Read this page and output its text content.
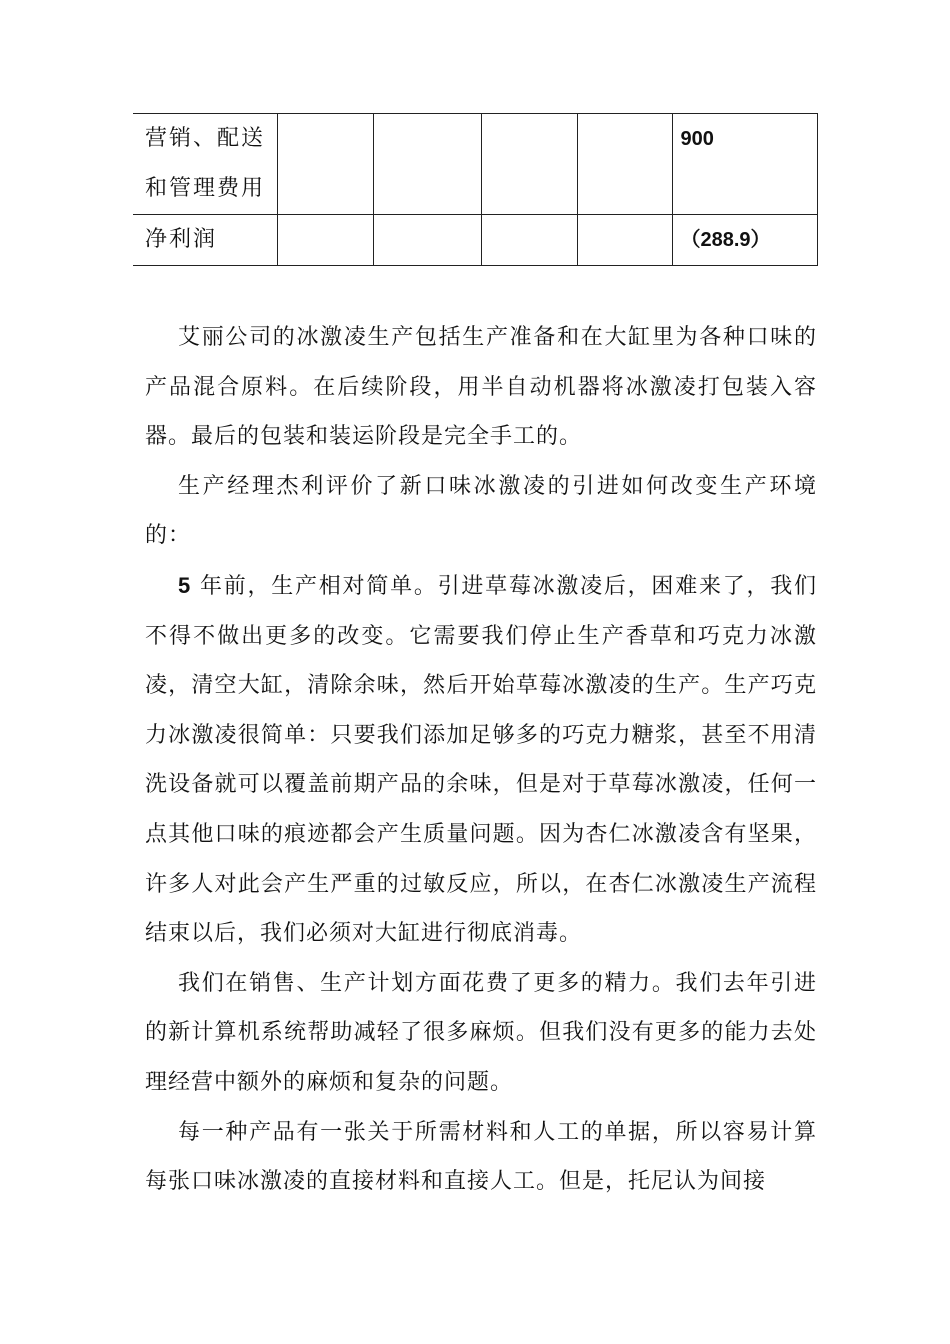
营销、配送
和管理费用					900
净利润					（288.9）

艾丽公司的冰激凌生产包括生产准备和在大缸里为各种口味的产品混合原料。在后续阶段，用半自动机器将冰激凌打包装入容器。最后的包装和装运阶段是完全手工的。

生产经理杰利评价了新口味冰激凌的引进如何改变生产环境的：

5 年前，生产相对简单。引进草莓冰激凌后，困难来了，我们不得不做出更多的改变。它需要我们停止生产香草和巧克力冰激凌，清空大缸，清除余味，然后开始草莓冰激凌的生产。生产巧克力冰激凌很简单：只要我们添加足够多的巧克力糖浆，甚至不用清洗设备就可以覆盖前期产品的余味，但是对于草莓冰激凌，任何一点其他口味的痕迹都会产生质量问题。因为杏仁冰激凌含有坚果，许多人对此会产生严重的过敏反应，所以，在杏仁冰激凌生产流程结束以后，我们必须对大缸进行彻底消毒。

我们在销售、生产计划方面花费了更多的精力。我们去年引进的新计算机系统帮助减轻了很多麻烦。但我们没有更多的能力去处理经营中额外的麻烦和复杂的问题。

每一种产品有一张关于所需材料和人工的单据，所以容易计算每张口味冰激凌的直接材料和直接人工。但是，托尼认为间接
